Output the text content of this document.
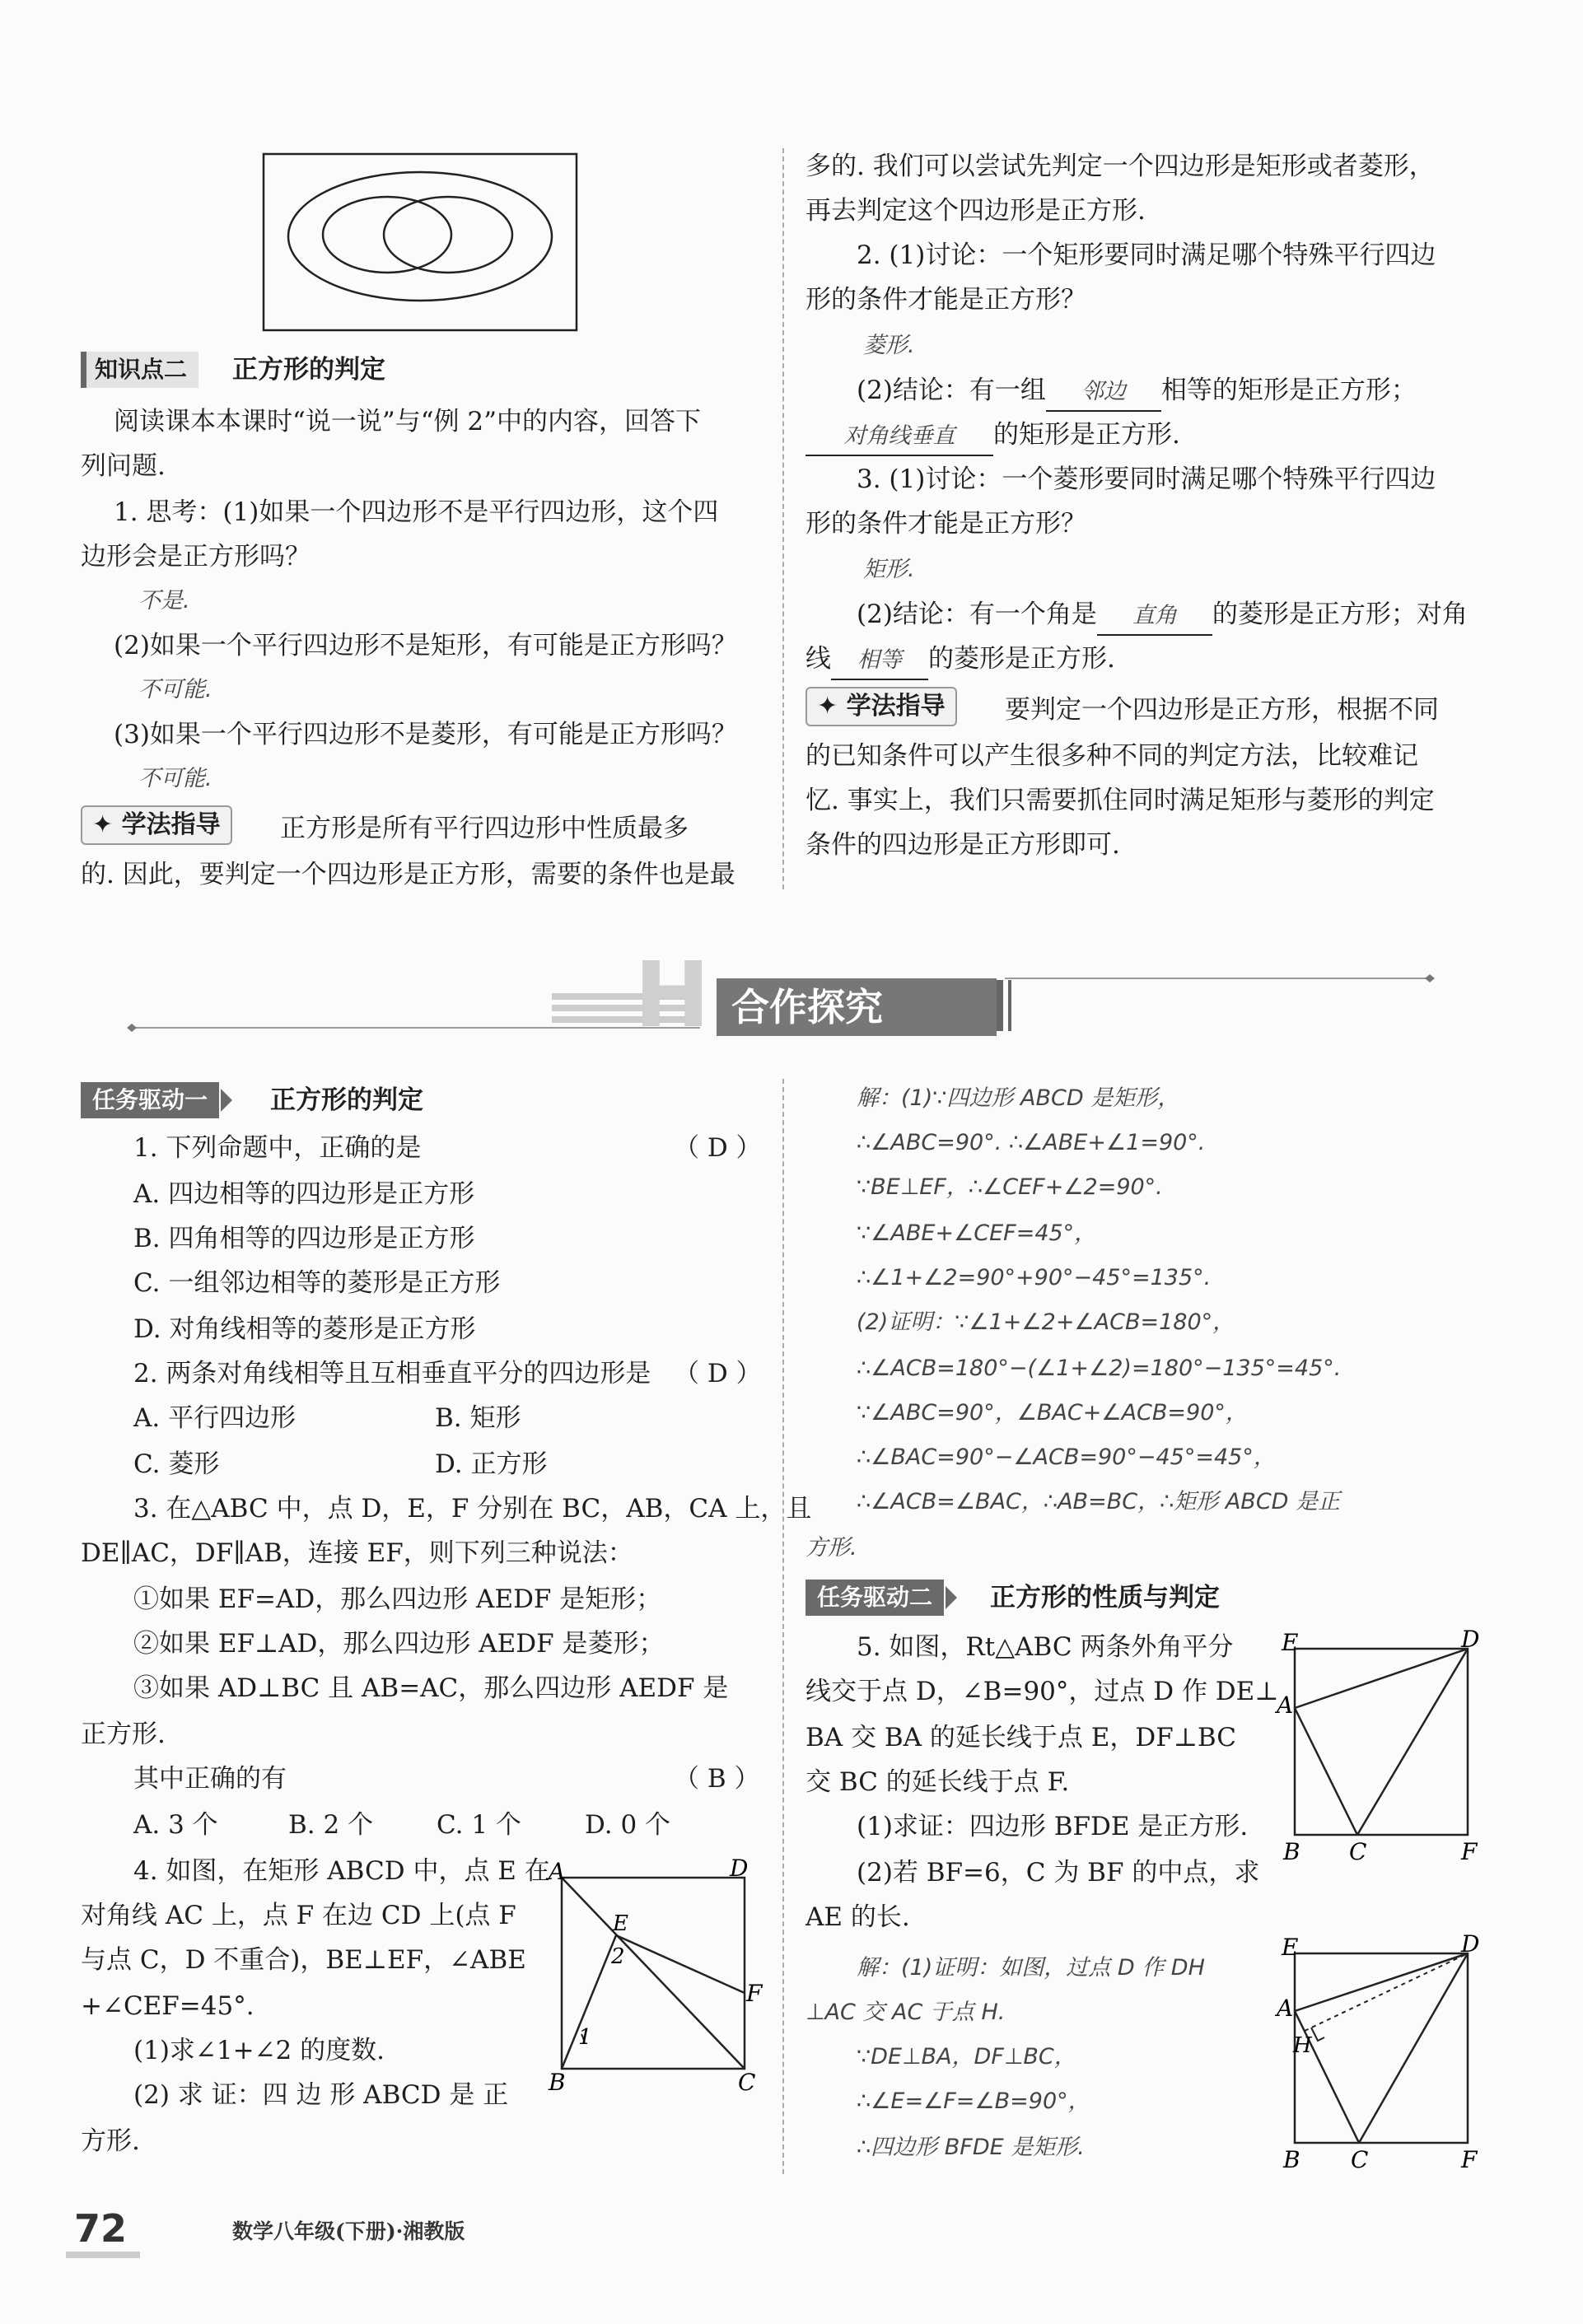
知识点二	正方形的判定
阅读课本本课时“说一说”与“例 2”中的内容，回答下
列问题.
1. 思考：(1)如果一个四边形不是平行四边形，这个四
边形会是正方形吗？
不是.
(2)如果一个平行四边形不是矩形，有可能是正方形吗？
不可能.
(3)如果一个平行四边形不是菱形，有可能是正方形吗？
不可能.
✦ 学法指导	正方形是所有平行四边形中性质最多
的. 因此，要判定一个四边形是正方形，需要的条件也是最
多的. 我们可以尝试先判定一个四边形是矩形或者菱形，
再去判定这个四边形是正方形.
2. (1)讨论：一个矩形要同时满足哪个特殊平行四边
形的条件才能是正方形？
菱形.
(2)结论：有一组 邻边 相等的矩形是正方形；
对角线垂直 的矩形是正方形.
3. (1)讨论：一个菱形要同时满足哪个特殊平行四边
形的条件才能是正方形？
矩形.
(2)结论：有一个角是 直角 的菱形是正方形；对角
线 相等 的菱形是正方形.
✦ 学法指导	要判定一个四边形是正方形，根据不同
的已知条件可以产生很多种不同的判定方法，比较难记
忆. 事实上，我们只需要抓住同时满足矩形与菱形的判定
条件的四边形是正方形即可.
H 合作探究
任务驱动一	正方形的判定
1. 下列命题中，正确的是	（ D ）
A. 四边相等的四边形是正方形
B. 四角相等的四边形是正方形
C. 一组邻边相等的菱形是正方形
D. 对角线相等的菱形是正方形
2. 两条对角线相等且互相垂直平分的四边形是 （ D ）
A. 平行四边形	B. 矩形
C. 菱形	D. 正方形
3. 在△ABC 中，点 D，E，F 分别在 BC，AB，CA 上，且
DE∥AC，DF∥AB，连接 EF，则下列三种说法：
①如果 EF=AD，那么四边形 AEDF 是矩形；
②如果 EF⊥AD，那么四边形 AEDF 是菱形；
③如果 AD⊥BC 且 AB=AC，那么四边形 AEDF 是
正方形.
其中正确的有	（ B ）
A. 3 个	B. 2 个 C. 1 个 D. 0 个
4. 如图，在矩形 ABCD 中，点 E 在
对角线 AC 上，点 F 在边 CD 上(点 F
与点 C，D 不重合)，BE⊥EF，∠ABE
+∠CEF=45°.
(1)求∠1+∠2 的度数.
(2) 求 证：四 边 形 ABCD 是 正
方形.
A	D
E
2
F
1
B	C
解：(1)∵四边形 ABCD 是矩形，
∴∠ABC=90°. ∴∠ABE+∠1=90°.
∵BE⊥EF，∴∠CEF+∠2=90°.
∵∠ABE+∠CEF=45°，
∴∠1+∠2=90°+90°−45°=135°.
(2)证明：∵∠1+∠2+∠ACB=180°，
∴∠ACB=180°−(∠1+∠2)=180°−135°=45°.
∵∠ABC=90°，∠BAC+∠ACB=90°，
∴∠BAC=90°−∠ACB=90°−45°=45°，
∴∠ACB=∠BAC，∴AB=BC，∴矩形 ABCD 是正
方形.
任务驱动二	正方形的性质与判定
5. 如图，Rt△ABC 两条外角平分
线交于点 D，∠B=90°，过点 D 作 DE⊥
BA 交 BA 的延长线于点 E，DF⊥BC
交 BC 的延长线于点 F.
(1)求证：四边形 BFDE 是正方形.
(2)若 BF=6，C 为 BF 的中点，求
AE 的长.
解：(1)证明：如图，过点 D 作 DH
⊥AC 交 AC 于点 H.
∵DE⊥BA，DF⊥BC，
∴∠E=∠F=∠B=90°，
∴四边形 BFDE 是矩形.
E	D
A
B C	F
E	D
A
H
B C	F
72	数学八年级(下册)·湘教版
